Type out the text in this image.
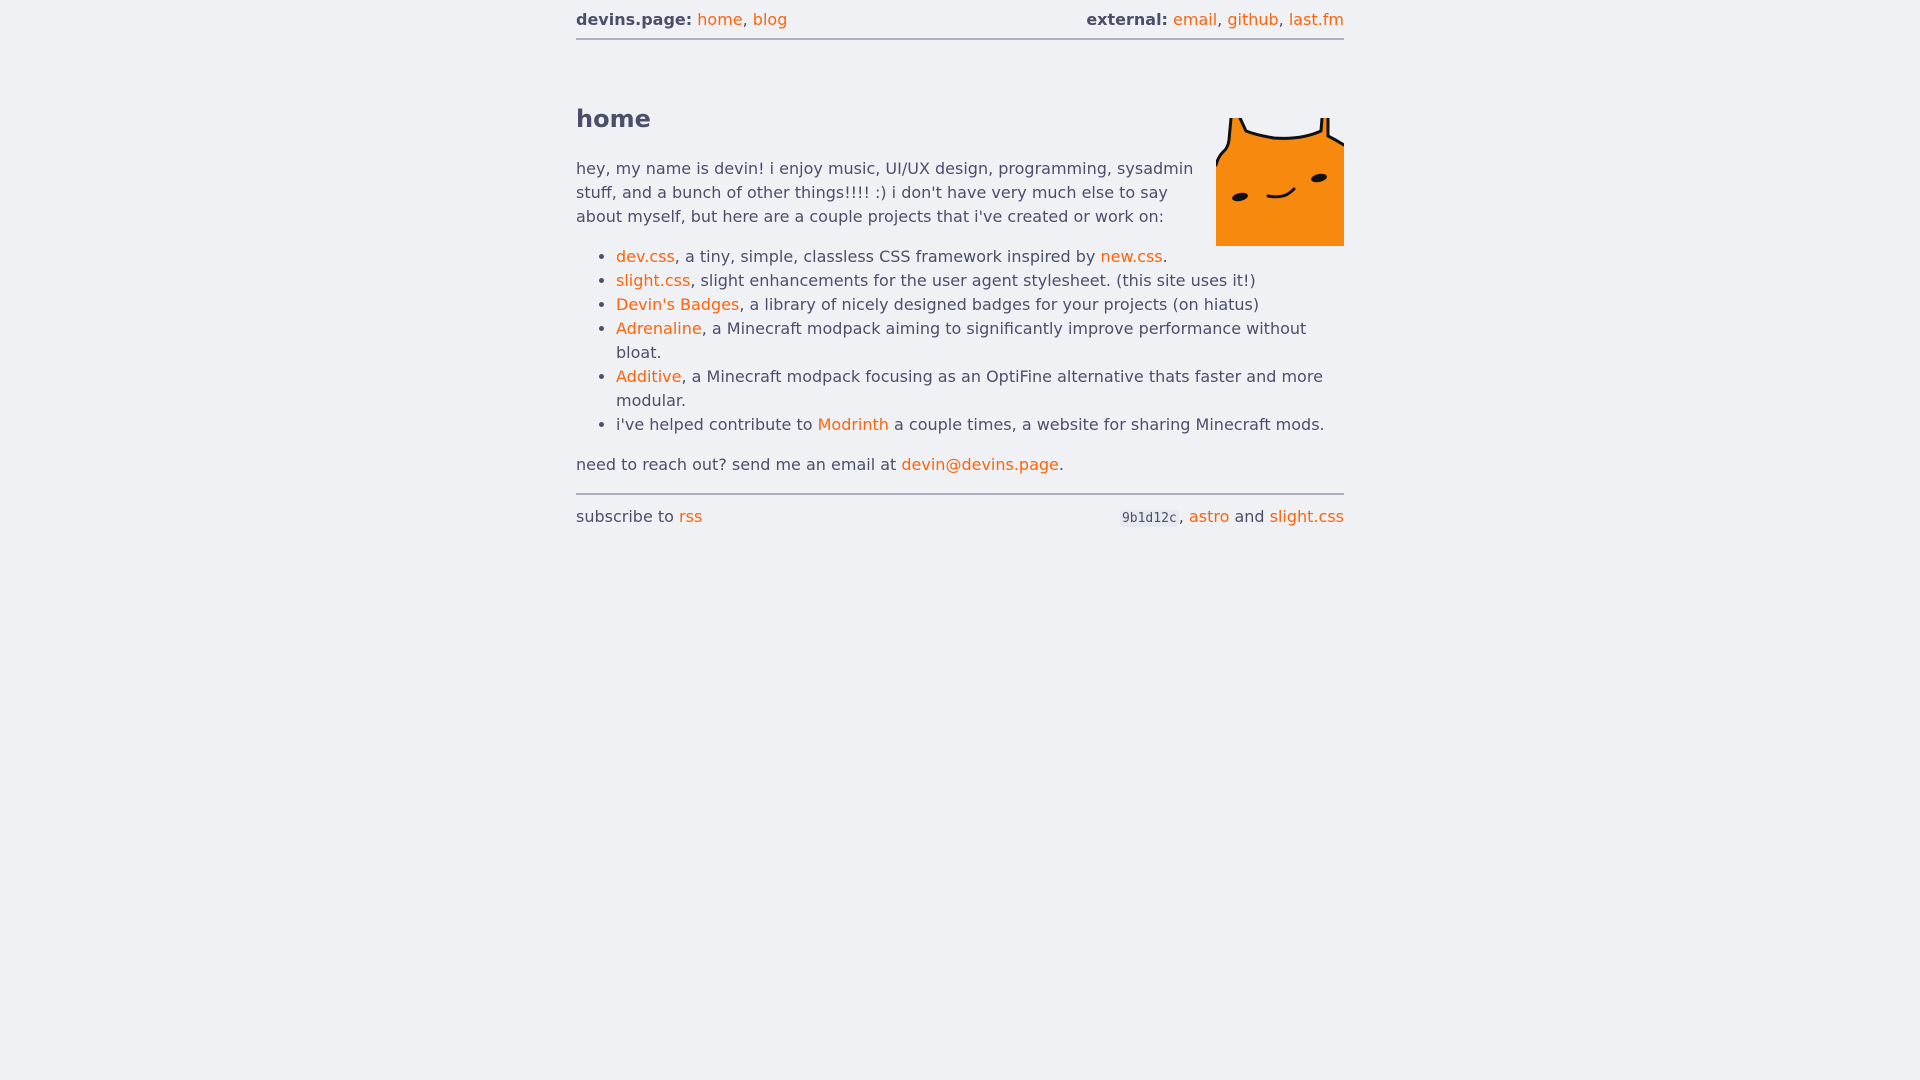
devins.page: home, blog	external: email, github, last.fm
home

hey, my name is devin! i enjoy music, UI/UX design, programming, sysadmin stuff, and a bunch of other things!!!! :) i don't have very much else to say about myself, but here are a couple projects that i've created or work on:

• dev.css, a tiny, simple, classless CSS framework inspired by new.css.
• slight.css, slight enhancements for the user agent stylesheet. (this site uses it!)
• Devin's Badges, a library of nicely designed badges for your projects (on hiatus)
• Adrenaline, a Minecraft modpack aiming to significantly improve performance without bloat.
• Additive, a Minecraft modpack focusing as an OptiFine alternative thats faster and more modular.
• i've helped contribute to Modrinth a couple times, a website for sharing Minecraft mods.

need to reach out? send me an email at devin@devins.page.

subscribe to rss	9b1d12c , astro and slight.css
